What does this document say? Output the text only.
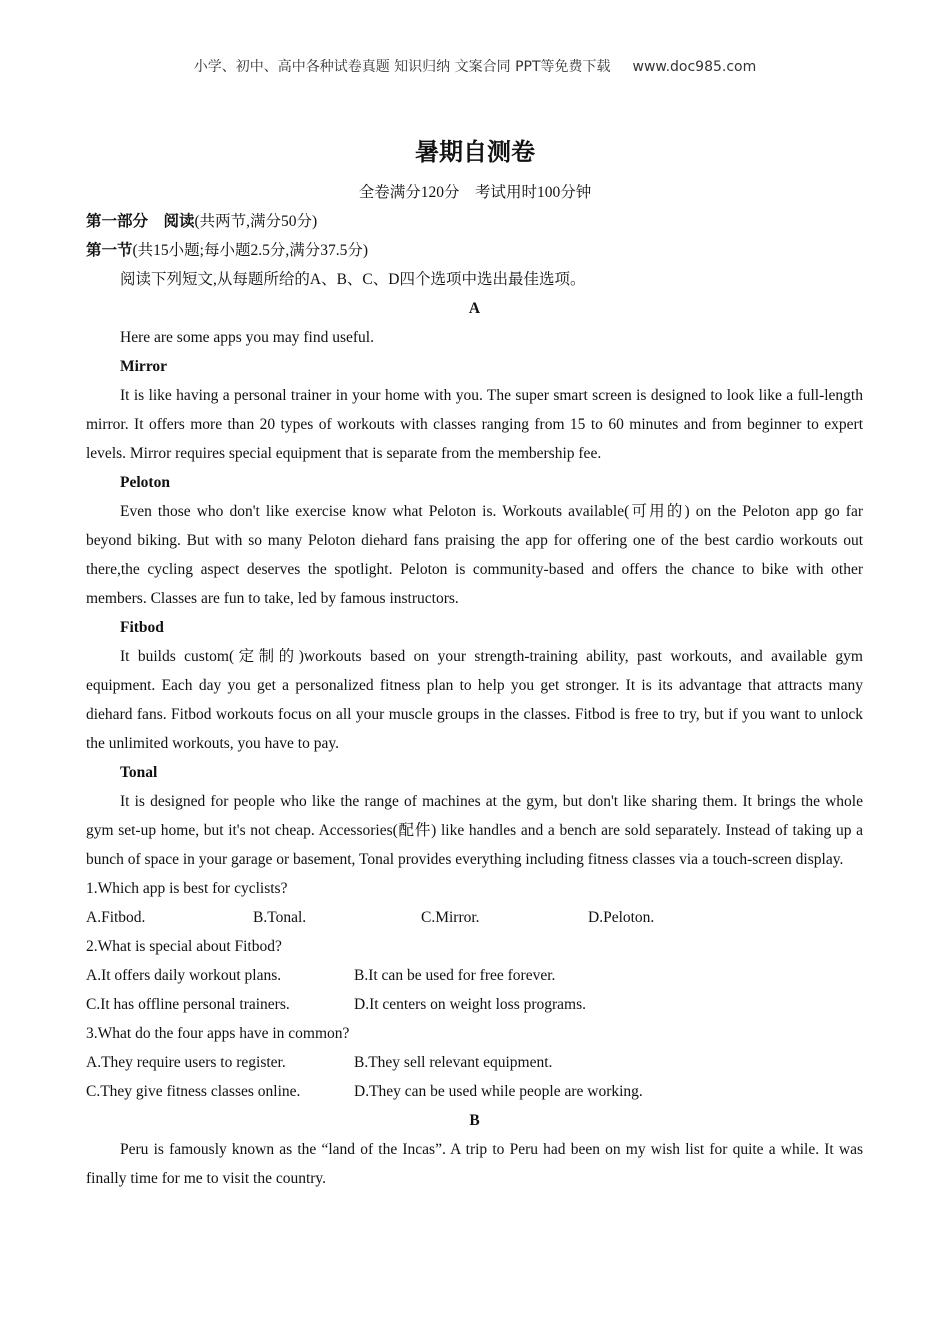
小学、初中、高中各种试卷真题 知识归纳 文案合同 PPT等免费下载 www.doc985.com
暑期自测卷
全卷满分120分　考试用时100分钟

第一部分　阅读(共两节,满分50分)

第一节(共15小题;每小题2.5分,满分37.5分)

阅读下列短文,从每题所给的A、B、C、D四个选项中选出最佳选项。

A

Here are some apps you may find useful.

Mirror

It is like having a personal trainer in your home with you. The super smart screen is designed to look like a full-length mirror. It offers more than 20 types of workouts with classes ranging from 15 to 60 minutes and from beginner to expert levels. Mirror requires special equipment that is separate from the membership fee.

Peloton

Even those who don't like exercise know what Peloton is. Workouts available(可用的) on the Peloton app go far beyond biking. But with so many Peloton diehard fans praising the app for offering one of the best cardio workouts out there,the cycling aspect deserves the spotlight. Peloton is community-based and offers the chance to bike with other members. Classes are fun to take, led by famous instructors.

Fitbod

It builds custom(定制的)workouts based on your strength-training ability, past workouts, and available gym equipment. Each day you get a personalized fitness plan to help you get stronger. It is its advantage that attracts many diehard fans. Fitbod workouts focus on all your muscle groups in the classes. Fitbod is free to try, but if you want to unlock the unlimited workouts, you have to pay.

Tonal

It is designed for people who like the range of machines at the gym, but don't like sharing them. It brings the whole gym set-up home, but it's not cheap. Accessories(配件) like handles and a bench are sold separately. Instead of taking up a bunch of space in your garage or basement, Tonal provides everything including fitness classes via a touch-screen display.

1.Which app is best for cyclists?

A.Fitbod.	B.Tonal.	C.Mirror.	D.Peloton.

2.What is special about Fitbod?

A.It offers daily workout plans.	B.It can be used for free forever.

C.It has offline personal trainers.	D.It centers on weight loss programs.

3.What do the four apps have in common?

A.They require users to register.	B.They sell relevant equipment.

C.They give fitness classes online.	D.They can be used while people are working.

B

Peru is famously known as the “land of the Incas”. A trip to Peru had been on my wish list for quite a while. It was finally time for me to visit the country.
